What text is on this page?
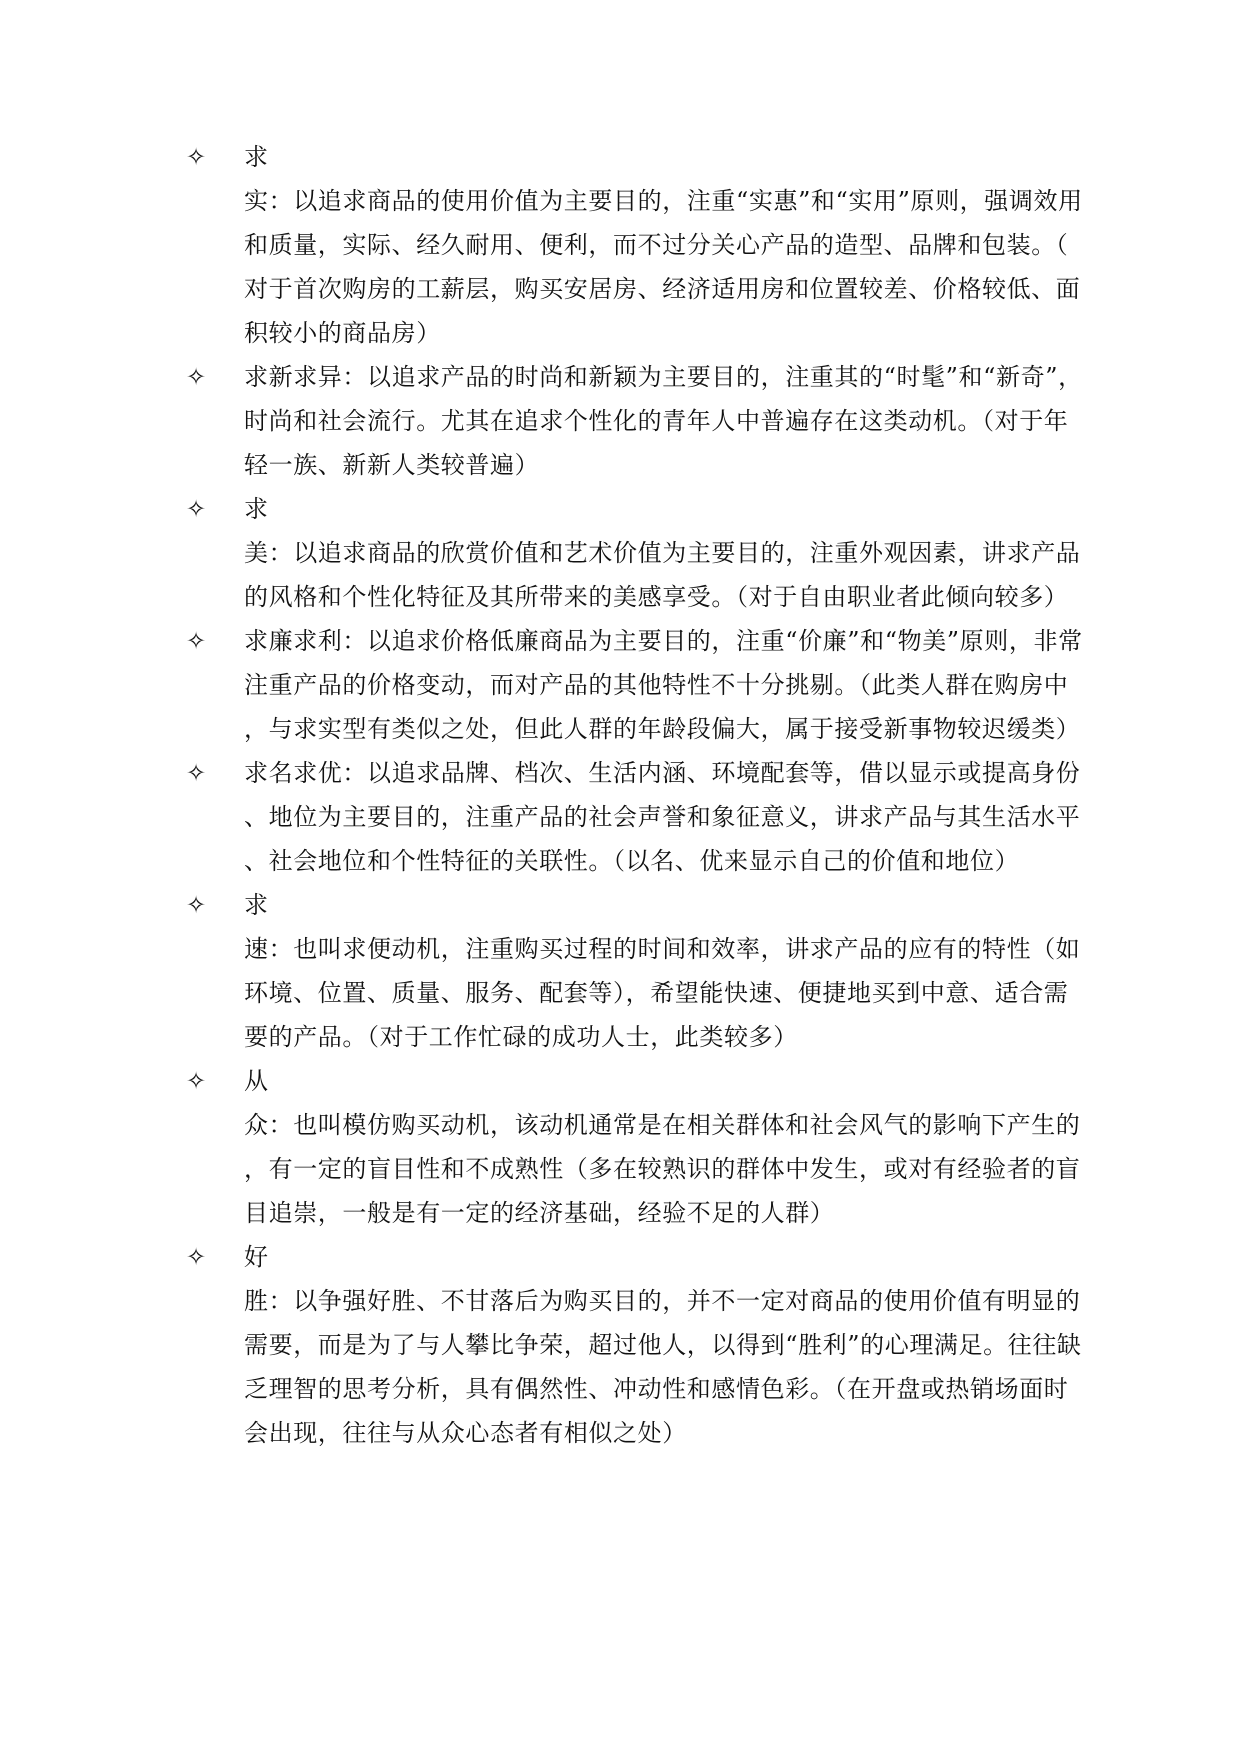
✧ 求
实：以追求商品的使用价值为主要目的，注重“实惠”和“实用”原则，强调效用
和质量，实际、经久耐用、便利，而不过分关心产品的造型、品牌和包装。（
对于首次购房的工薪层，购买安居房、经济适用房和位置较差、价格较低、面
积较小的商品房）
✧ 求新求异：以追求产品的时尚和新颖为主要目的，注重其的“时髦”和“新奇”，
时尚和社会流行。尤其在追求个性化的青年人中普遍存在这类动机。（对于年
轻一族、新新人类较普遍）
✧ 求
美：以追求商品的欣赏价值和艺术价值为主要目的，注重外观因素，讲求产品
的风格和个性化特征及其所带来的美感享受。（对于自由职业者此倾向较多）
✧ 求廉求利：以追求价格低廉商品为主要目的，注重“价廉”和“物美”原则，非常
注重产品的价格变动，而对产品的其他特性不十分挑剔。（此类人群在购房中
，与求实型有类似之处，但此人群的年龄段偏大，属于接受新事物较迟缓类）
✧ 求名求优：以追求品牌、档次、生活内涵、环境配套等，借以显示或提高身份
、地位为主要目的，注重产品的社会声誉和象征意义，讲求产品与其生活水平
、社会地位和个性特征的关联性。（以名、优来显示自己的价值和地位）
✧ 求
速：也叫求便动机，注重购买过程的时间和效率，讲求产品的应有的特性（如
环境、位置、质量、服务、配套等），希望能快速、便捷地买到中意、适合需
要的产品。（对于工作忙碌的成功人士，此类较多）
✧ 从
众：也叫模仿购买动机，该动机通常是在相关群体和社会风气的影响下产生的
，有一定的盲目性和不成熟性（多在较熟识的群体中发生，或对有经验者的盲
目追崇，一般是有一定的经济基础，经验不足的人群）
✧ 好
胜：以争强好胜、不甘落后为购买目的，并不一定对商品的使用价值有明显的
需要，而是为了与人攀比争荣，超过他人，以得到“胜利”的心理满足。往往缺
乏理智的思考分析，具有偶然性、冲动性和感情色彩。（在开盘或热销场面时
会出现，往往与从众心态者有相似之处）
